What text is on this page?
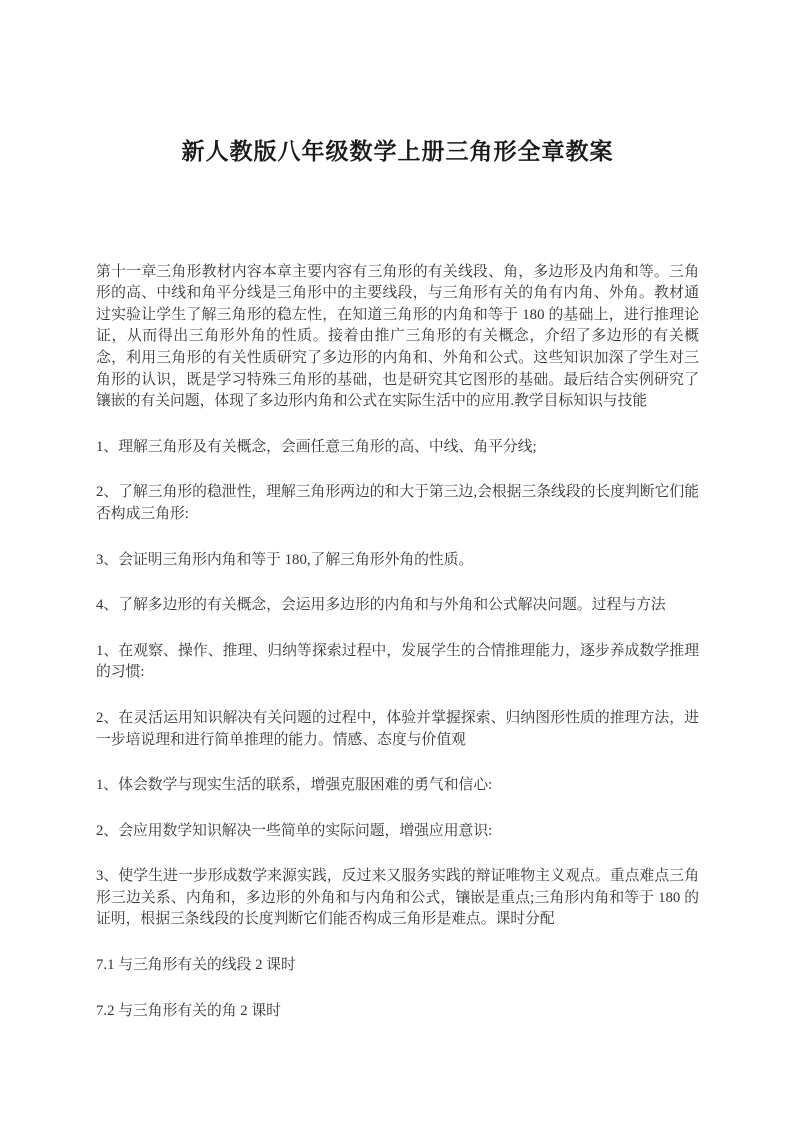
新人教版八年级数学上册三角形全章教案

第十一章三角形教材内容本章主要内容有三角形的有关线段、角，多边形及内角和等。三角形的高、中线和角平分线是三角形中的主要线段，与三角形有关的角有内角、外角。教材通过实验让学生了解三角形的稳左性，在知道三角形的内角和等于 180 的基础上，进行推理论证，从而得出三角形外角的性质。接着由推广三角形的有关概念，介绍了多边形的有关概念，利用三角形的有关性质研究了多边形的内角和、外角和公式。这些知识加深了学生对三角形的认识，既是学习特殊三角形的基础，也是研究其它图形的基础。最后结合实例研究了镶嵌的有关问题，体现了多边形内角和公式在实际生活中的应用.教学目标知识与技能

1、理解三角形及有关概念，会画任意三角形的高、中线、角平分线;

2、了解三角形的稳泄性，理解三角形两边的和大于第三边,会根据三条线段的长度判断它们能否构成三角形:

3、会证明三角形内角和等于 180,了解三角形外角的性质。

4、了解多边形的有关概念，会运用多边形的内角和与外角和公式解决问题。过程与方法

1、在观察、操作、推理、归纳等探索过程中，发展学生的合情推理能力，逐步养成数学推理的习惯:

2、在灵活运用知识解决有关问题的过程中，体验并掌握探索、归纳图形性质的推理方法，进一步培说理和进行简单推理的能力。情感、态度与价值观

1、体会数学与现实生活的联系，增强克服困难的勇气和信心:

2、会应用数学知识解决一些简单的实际问题，增强应用意识:

3、使学生进一步形成数学来源实践，反过来又服务实践的辩证唯物主义观点。重点难点三角形三边关系、内角和，多边形的外角和与内角和公式，镶嵌是重点;三角形内角和等于 180 的证明，根据三条线段的长度判断它们能否构成三角形是难点。课时分配

7.1 与三角形有关的线段 2 课时

7.2 与三角形有关的角 2 课时
